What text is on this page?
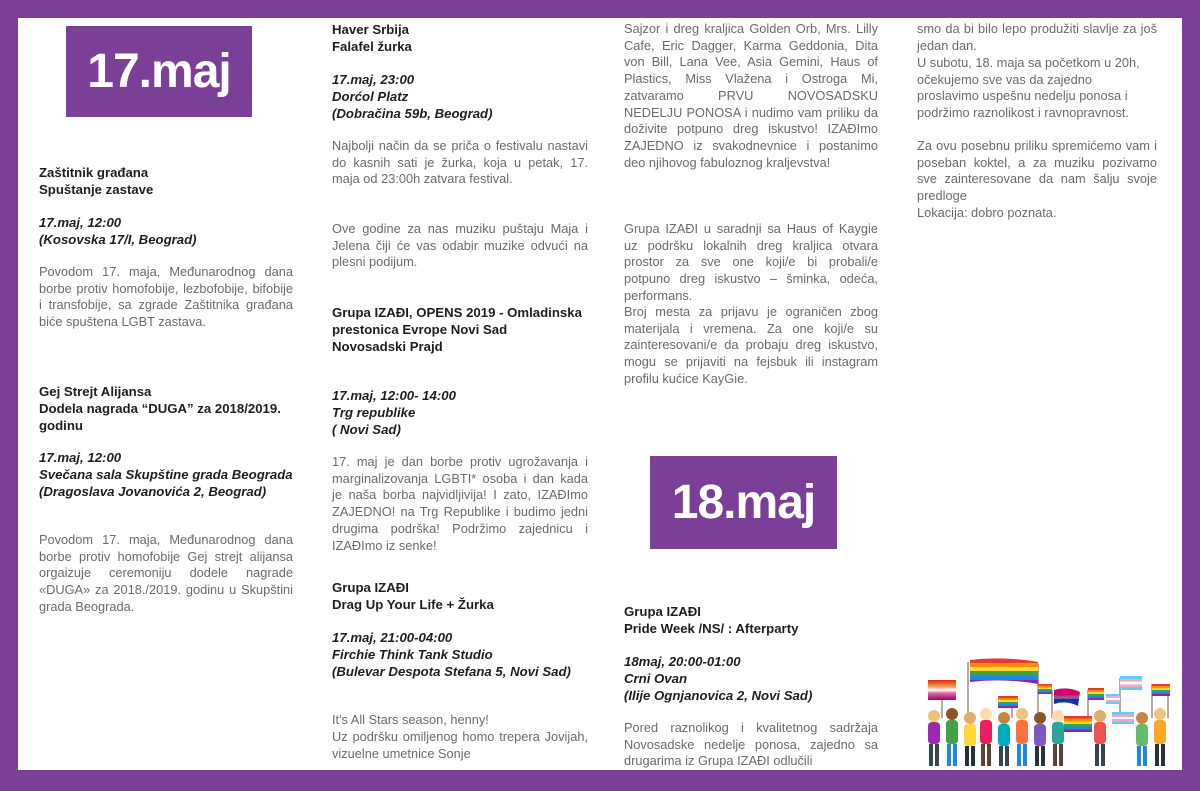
17.maj
Zaštitnik građana
Spuštanje zastave
17.maj, 12:00
(Kosovska 17/I, Beograd)
Povodom 17. maja, Međunarodnog dana borbe protiv homofobije, lezbofobije, bifobije i transfobije, sa zgrade Zaštitnika građana biće spuštena LGBT zastava.
Gej Strejt Alijansa
Dodela nagrada “DUGA” za 2018/2019. godinu
17.maj, 12:00
Svečana sala Skupštine grada Beograda
(Dragoslava Jovanovića 2, Beograd)
Povodom 17. maja, Međunarodnog dana borbe protiv homofobije Gej strejt alijansa orgaizuje ceremoniju dodele nagrade «DUGA» za 2018./2019. godinu u Skupštini grada Beograda.
Haver Srbija
Falafel žurka
17.maj, 23:00
Dorćol Platz
(Dobračina 59b, Beograd)
Najbolji način da se priča o festivalu nastavi do kasnih sati je žurka, koja u petak, 17. maja od 23:00h zatvara festival.
Ove godine za nas muziku puštaju Maja i Jelena čiji će vas odabir muzike odvući na plesni podijum.
Grupa IZAĐI, OPENS 2019 - Omladinska prestonica Evrope Novi Sad
Novosadski Prajd
17.maj, 12:00- 14:00
Trg republike
( Novi Sad)
17. maj je dan borbe protiv ugrožavanja i marginalizovanja LGBTI* osoba i dan kada je naša borba najvidljivija! I zato, IZAĐImo ZAJEDNO! na Trg Republike i budimo jedni drugima podrška! Podržimo zajednicu i IZAĐImo iz senke!
Grupa IZAĐI
Drag Up Your Life + Žurka
17.maj, 21:00-04:00
Firchie Think Tank Studio
(Bulevar Despota Stefana 5, Novi Sad)
It's All Stars season, henny!
Uz podršku omiljenog homo trepera Jovijah, vizuelne umetnice Sonje
Sajzor i dreg kraljica Golden Orb, Mrs. Lilly Cafe, Eric Dagger, Karma Geddonia, Dita von Bill, Lana Vee, Asia Gemini, Haus of Plastics, Miss Vlažena i Ostroga Mi, zatvaramo PRVU NOVOSADSKU NEDELJU PONOSA i nudimo vam priliku da doživite potpuno dreg iskustvo! IZAĐImo ZAJEDNO iz svakodnevnice i postanimo deo njihovog fabuloznog kraljevstva!
Grupa IZAĐI u saradnji sa Haus of Kaygie uz podršku lokalnih dreg kraljica otvara prostor za sve one koji/e bi probali/e potpuno dreg iskustvo – šminka, odeća, performans.
Broj mesta za prijavu je ograničen zbog materijala i vremena. Za one koji/e su zainteresovani/e da probaju dreg iskustvo, mogu se prijaviti na fejsbuk ili instagram profilu kućice KayGie.
Grupa IZAĐI
Pride Week /NS/ : Afterparty
18maj, 20:00-01:00
Crni Ovan
(Ilije Ognjanovica 2, Novi Sad)
Pored raznolikog i kvalitetnog sadržaja Novosadske nedelje ponosa, zajedno sa drugarima iz Grupa IZAĐI odlučili
18.maj
smo da bi bilo lepo produžiti slavlje za još jedan dan.
U subotu, 18. maja sa početkom u 20h, očekujemo sve vas da zajedno proslavimo uspešnu nedelju ponosa i podržimo raznolikost i ravnopravnost.
Za ovu posebnu priliku spremićemo vam i poseban koktel, a za muziku pozivamo sve zainteresovane da nam šalju svoje predloge
Lokacija: dobro poznata.
